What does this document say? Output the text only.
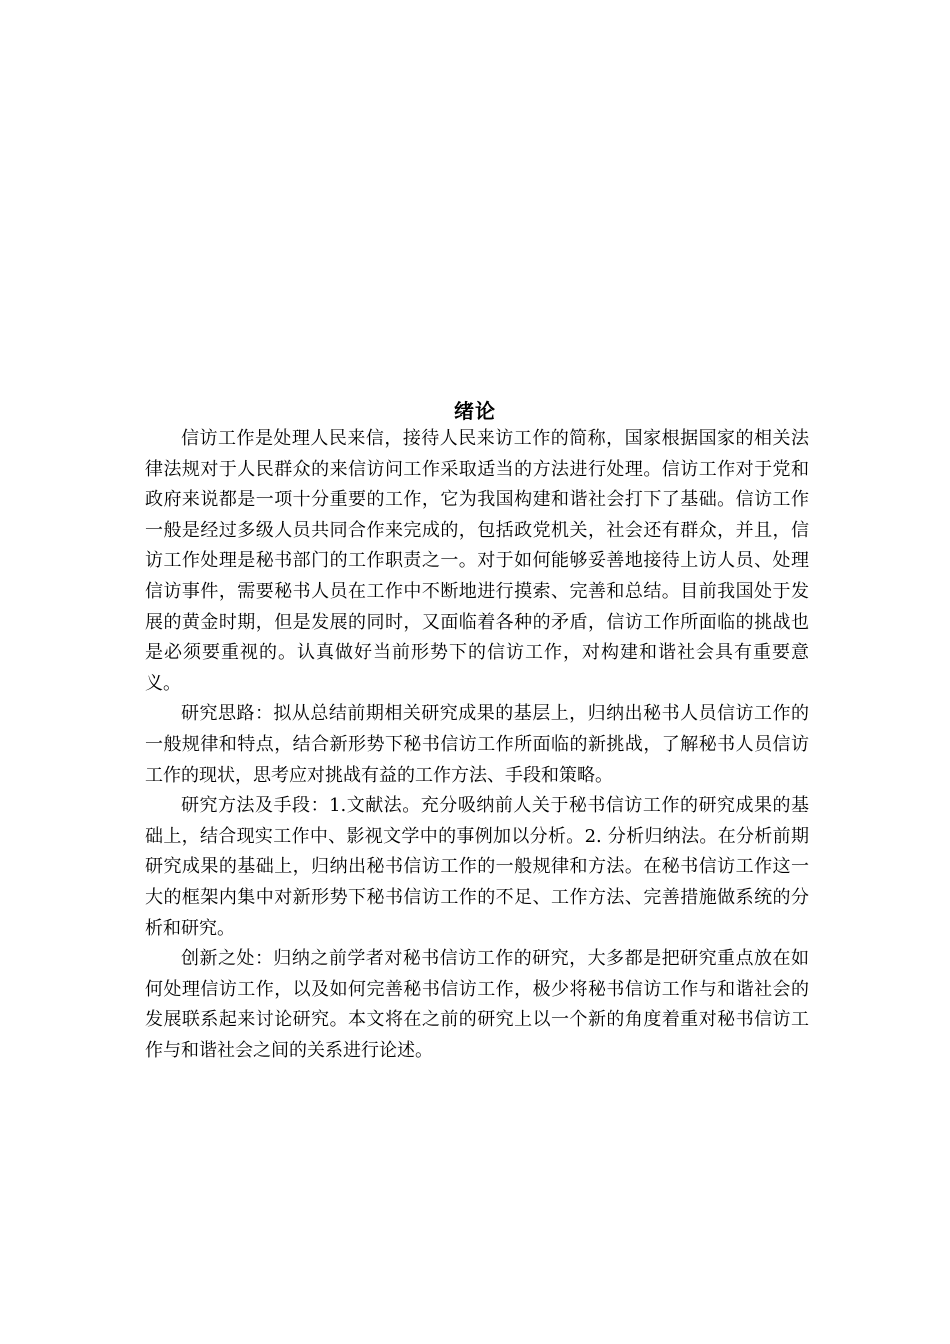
绪论

信访工作是处理人民来信，接待人民来访工作的简称，国家根据国家的相关法律法规对于人民群众的来信访问工作采取适当的方法进行处理。信访工作对于党和政府来说都是一项十分重要的工作，它为我国构建和谐社会打下了基础。信访工作一般是经过多级人员共同合作来完成的，包括政党机关，社会还有群众，并且，信访工作处理是秘书部门的工作职责之一。对于如何能够妥善地接待上访人员、处理信访事件，需要秘书人员在工作中不断地进行摸索、完善和总结。目前我国处于发展的黄金时期，但是发展的同时，又面临着各种的矛盾，信访工作所面临的挑战也是必须要重视的。认真做好当前形势下的信访工作，对构建和谐社会具有重要意义。

研究思路：拟从总结前期相关研究成果的基层上，归纳出秘书人员信访工作的一般规律和特点，结合新形势下秘书信访工作所面临的新挑战，了解秘书人员信访工作的现状，思考应对挑战有益的工作方法、手段和策略。

研究方法及手段：1.文献法。充分吸纳前人关于秘书信访工作的研究成果的基础上，结合现实工作中、影视文学中的事例加以分析。2. 分析归纳法。在分析前期研究成果的基础上，归纳出秘书信访工作的一般规律和方法。在秘书信访工作这一大的框架内集中对新形势下秘书信访工作的不足、工作方法、完善措施做系统的分析和研究。

创新之处：归纳之前学者对秘书信访工作的研究，大多都是把研究重点放在如何处理信访工作，以及如何完善秘书信访工作，极少将秘书信访工作与和谐社会的发展联系起来讨论研究。本文将在之前的研究上以一个新的角度着重对秘书信访工作与和谐社会之间的关系进行论述。
